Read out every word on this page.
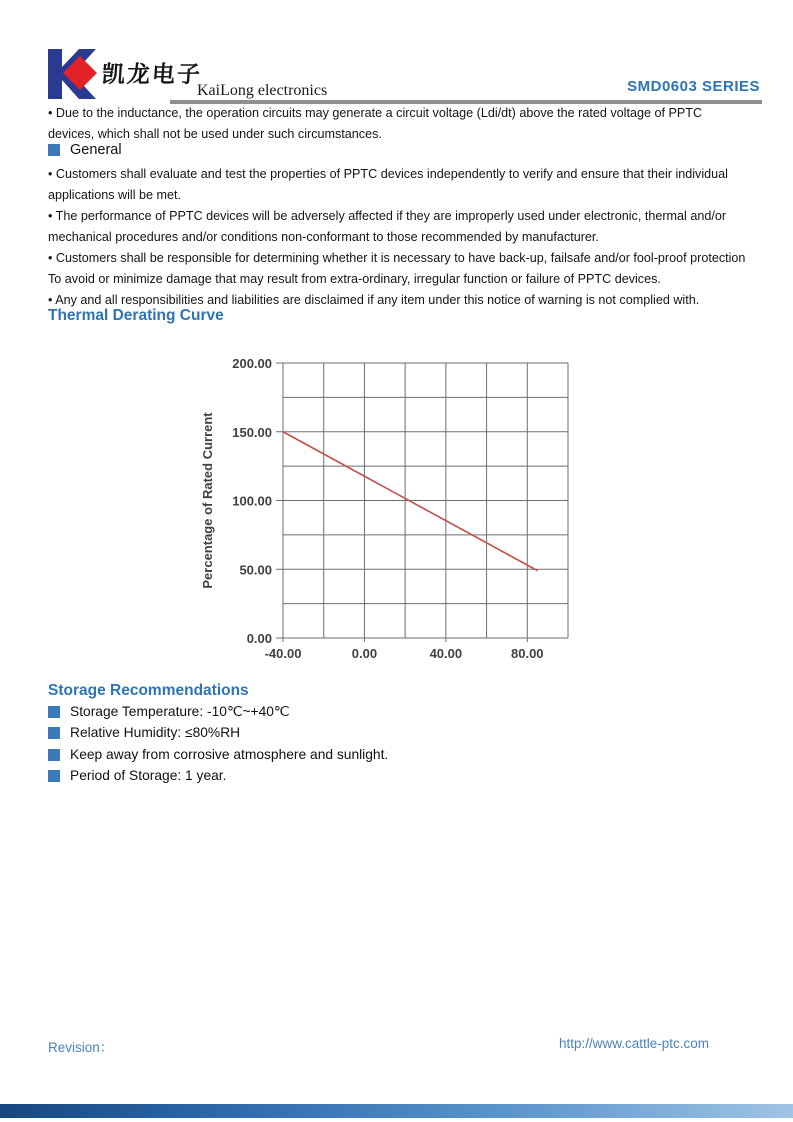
凯龙电子
KaiLong electronics	SMD0603 SERIES

• Due to the inductance, the operation circuits may generate a circuit voltage (Ldi/dt) above the rated voltage of PPTC devices, which shall not be used under such circumstances.

General

• Customers shall evaluate and test the properties of PPTC devices independently to verify and ensure that their individual applications will be met.

• The performance of PPTC devices will be adversely affected if they are improperly used under electronic, thermal and/or mechanical procedures and/or conditions non-conformant to those recommended by manufacturer.

• Customers shall be responsible for determining whether it is necessary to have back-up, failsafe and/or fool-proof protection To avoid or minimize damage that may result from extra-ordinary, irregular function or failure of PPTC devices.

• Any and all responsibilities and liabilities are disclaimed if any item under this notice of warning is not complied with.

Thermal Derating Curve
0.00
50.00
100.00
150.00
200.00
-40.00	0.00	40.00	80.00
Percentage of Rated Current
Storage Recommendations
Storage Temperature: -10℃~+40℃
Relative Humidity: ≤80%RH
Keep away from corrosive atmosphere and sunlight.
Period of Storage: 1 year.
Revision：	http://www.cattle-ptc.com
